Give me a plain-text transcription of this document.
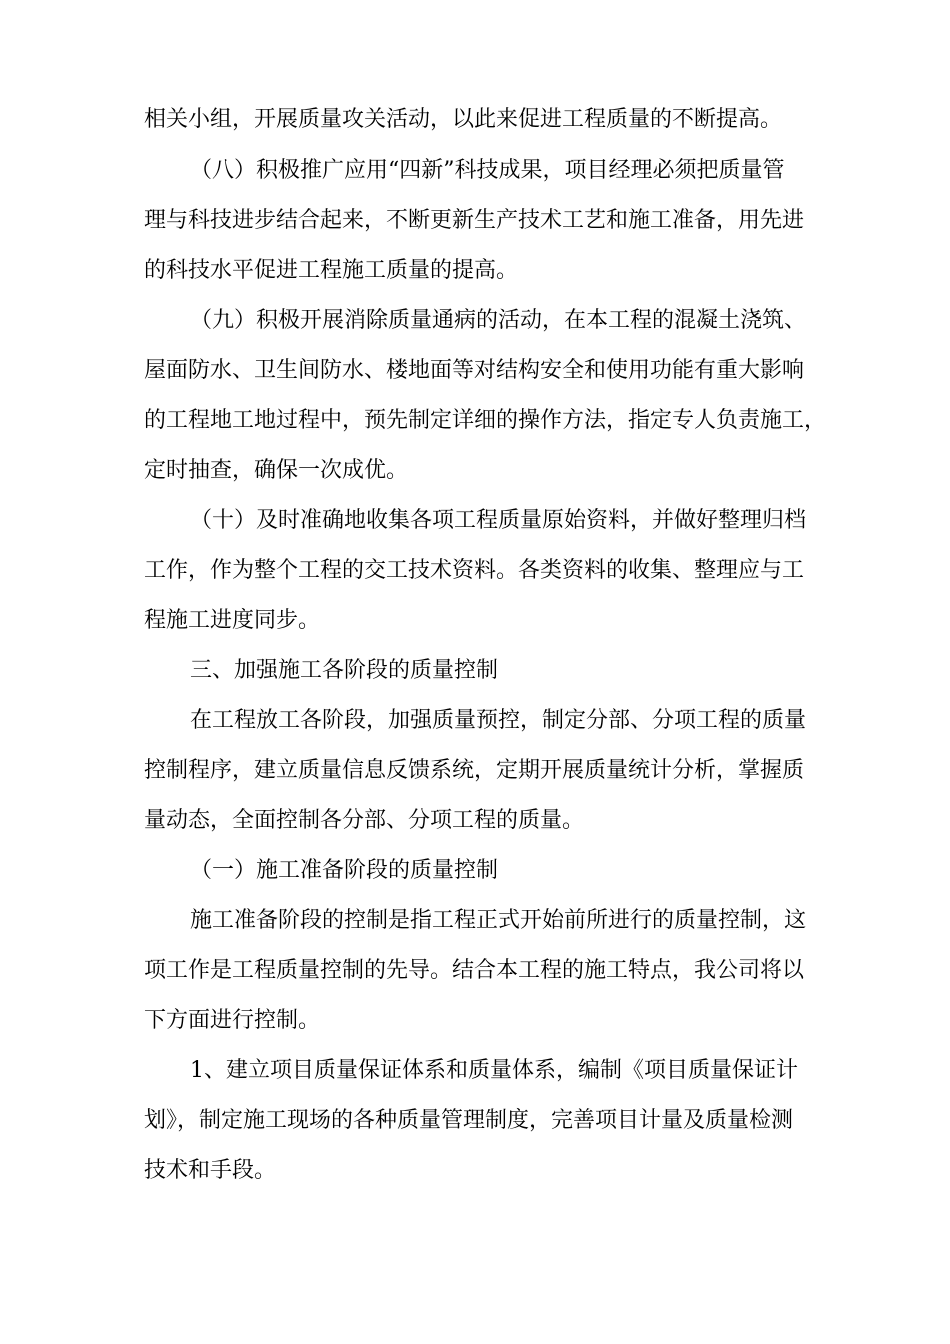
相关小组，开展质量攻关活动，以此来促进工程质量的不断提高。
（八）积极推广应用“四新”科技成果，项目经理必须把质量管
理与科技进步结合起来，不断更新生产技术工艺和施工准备，用先进
的科技水平促进工程施工质量的提高。
（九）积极开展消除质量通病的活动，在本工程的混凝土浇筑、
屋面防水、卫生间防水、楼地面等对结构安全和使用功能有重大影响
的工程地工地过程中，预先制定详细的操作方法，指定专人负责施工，
定时抽查，确保一次成优。
（十）及时准确地收集各项工程质量原始资料，并做好整理归档
工作，作为整个工程的交工技术资料。各类资料的收集、整理应与工
程施工进度同步。
三、加强施工各阶段的质量控制
在工程放工各阶段，加强质量预控，制定分部、分项工程的质量
控制程序，建立质量信息反馈系统，定期开展质量统计分析，掌握质
量动态，全面控制各分部、分项工程的质量。
（一）施工准备阶段的质量控制
施工准备阶段的控制是指工程正式开始前所进行的质量控制，这
项工作是工程质量控制的先导。结合本工程的施工特点，我公司将以
下方面进行控制。
1、建立项目质量保证体系和质量体系，编制《项目质量保证计
划》，制定施工现场的各种质量管理制度，完善项目计量及质量检测
技术和手段。
